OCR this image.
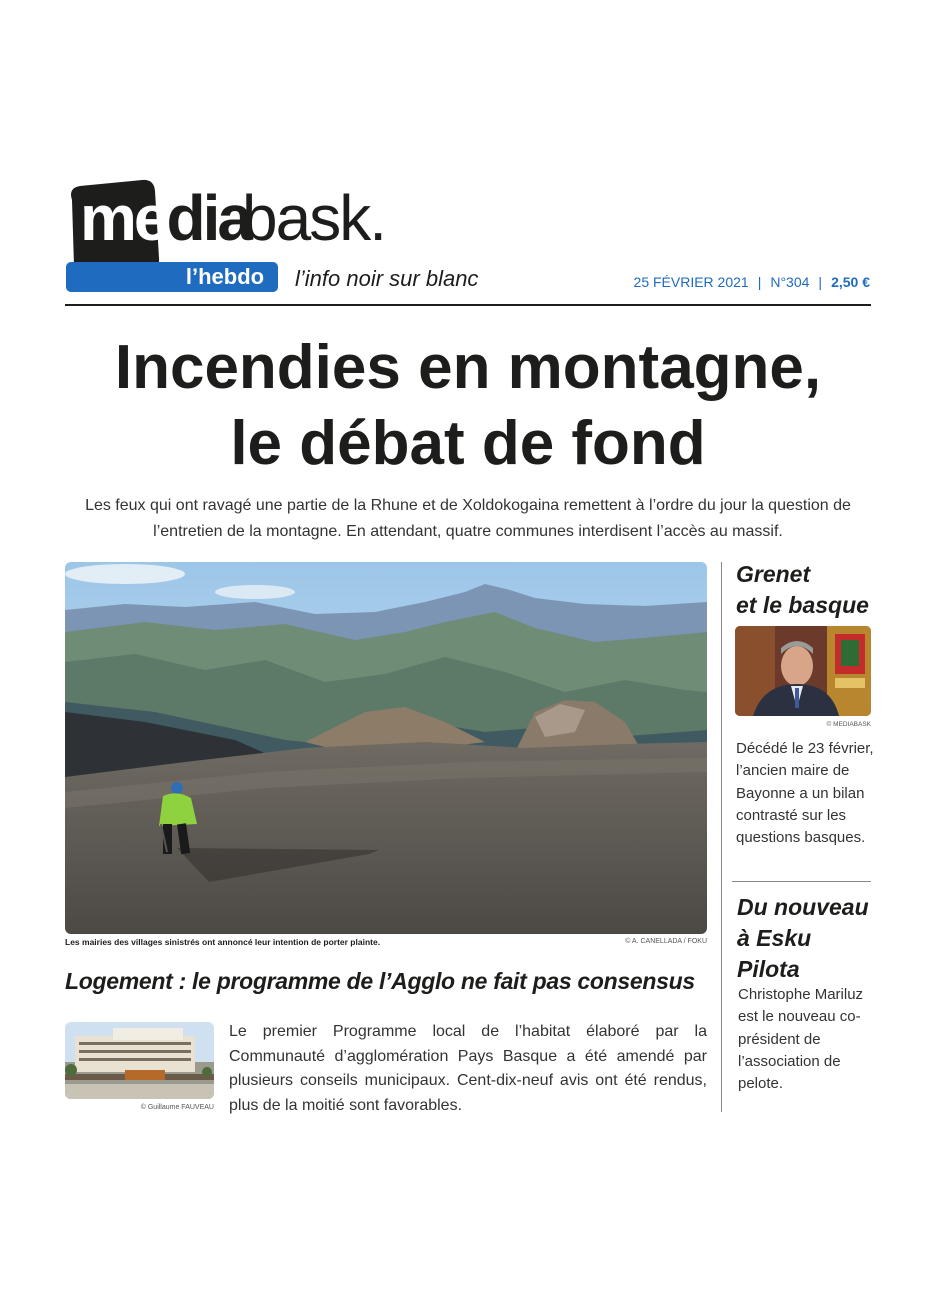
media
bask.
l’hebdo	l’info noir sur blanc	25 FÉVRIER 2021 | N°304 | 2,50 €
Incendies en montagne,
le débat de fond
Les feux qui ont ravagé une partie de la Rhune et de Xoldokogaina remettent à l’ordre du jour la question de l’entretien de la montagne. En attendant, quatre communes interdisent l’accès au massif.
Les mairies des villages sinistrés ont annoncé leur intention de porter plainte.	© A. CANELLADA / FOKU
Logement : le programme de l’Agglo ne fait pas consensus
© Guillaume FAUVEAU
Le premier Programme local de l’habitat élaboré par la Communauté d’agglomération Pays Basque a été amendé par plusieurs conseils municipaux. Cent-dix-neuf avis ont été rendus, plus de la moitié sont favorables.
Grenet
et le basque
© MEDIABASK
Décédé le 23 février, l’ancien maire de Bayonne a un bilan contrasté sur les questions basques.
Du nouveau
à Esku
Pilota
Christophe Mariluz est le nouveau co-président de l’association de pelote.
